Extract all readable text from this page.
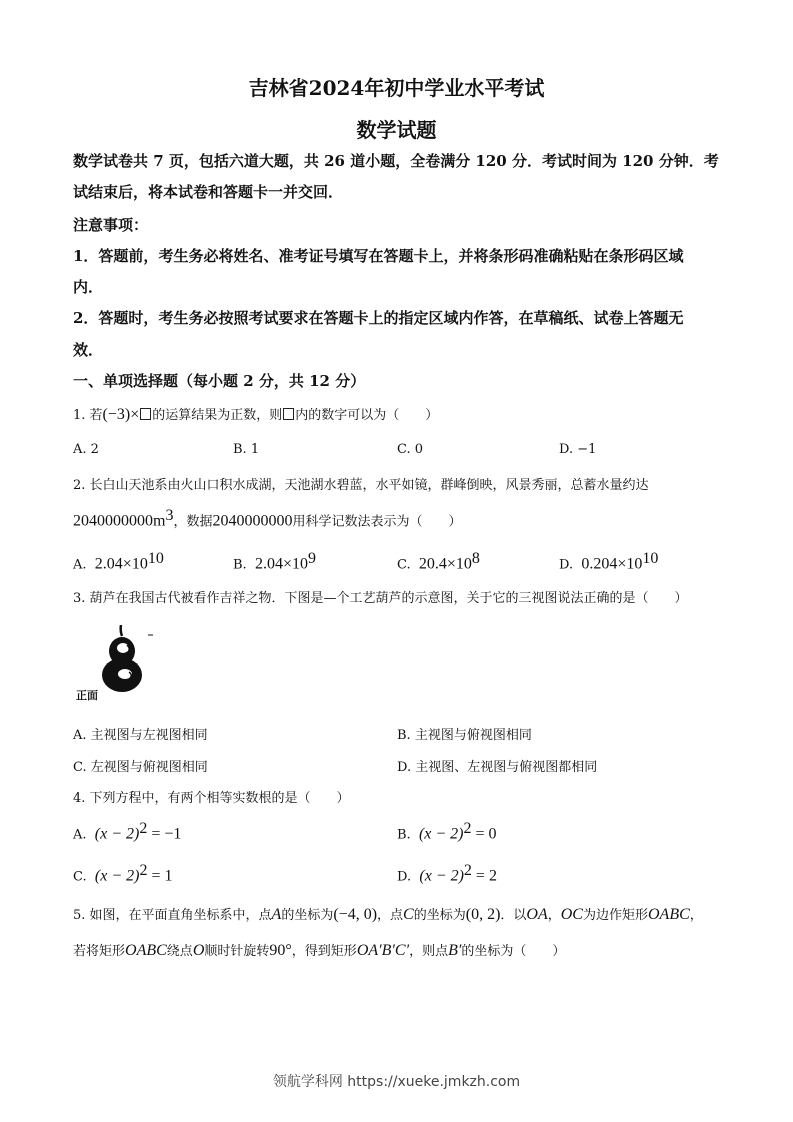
吉林省2024年初中学业水平考试
数学试题
数学试卷共 7 页，包括六道大题，共 26 道小题，全卷满分 120 分．考试时间为 120 分钟．考
试结束后，将本试卷和答题卡一并交回．
注意事项：
1．答题前，考生务必将姓名、准考证号填写在答题卡上，并将条形码准确粘贴在条形码区域
内．
2．答题时，考生务必按照考试要求在答题卡上的指定区域内作答，在草稿纸、试卷上答题无
效．
一、单项选择题（每小题 2 分，共 12 分）
1. 若(−3)× 的运算结果为正数，则 内的数字可以为（　　）
A. 2	B. 1	C. 0	D. −1
2. 长白山天池系由火山口积水成湖，天池湖水碧蓝，水平如镜，群峰倒映，风景秀丽，总蓄水量约达
$2040000000m^3$，数据2040000000用科学记数法表示为（　　）
A. $2.04\times 10^{10}$	B. $2.04\times 10^9$	C. $20.4\times 10^8$	D. $0.204\times 10^{10}$
3. 葫芦在我国古代被看作吉祥之物．下图是—个工艺葫芦的示意图，关于它的三视图说法正确的是（　　）
正面
A. 主视图与左视图相同	B. 主视图与俯视图相同
C. 左视图与俯视图相同	D. 主视图、左视图与俯视图都相同
4. 下列方程中，有两个相等实数根的是（　　）
A. $(x - 2)^2 = -1$	B. $(x - 2)^2 = 0$
C. $(x - 2)^2 = 1$	D. $(x - 2)^2 = 2$
5. 如图，在平面直角坐标系中，点A的坐标为(−4, 0)，点C的坐标为(0, 2)．以OA，OC为边作矩形OABC，
若将矩形OABC绕点O顺时针旋转90°，得到矩形OA′B′C′，则点B′的坐标为（　　）
领航学科网 https://xueke.jmkzh.com
